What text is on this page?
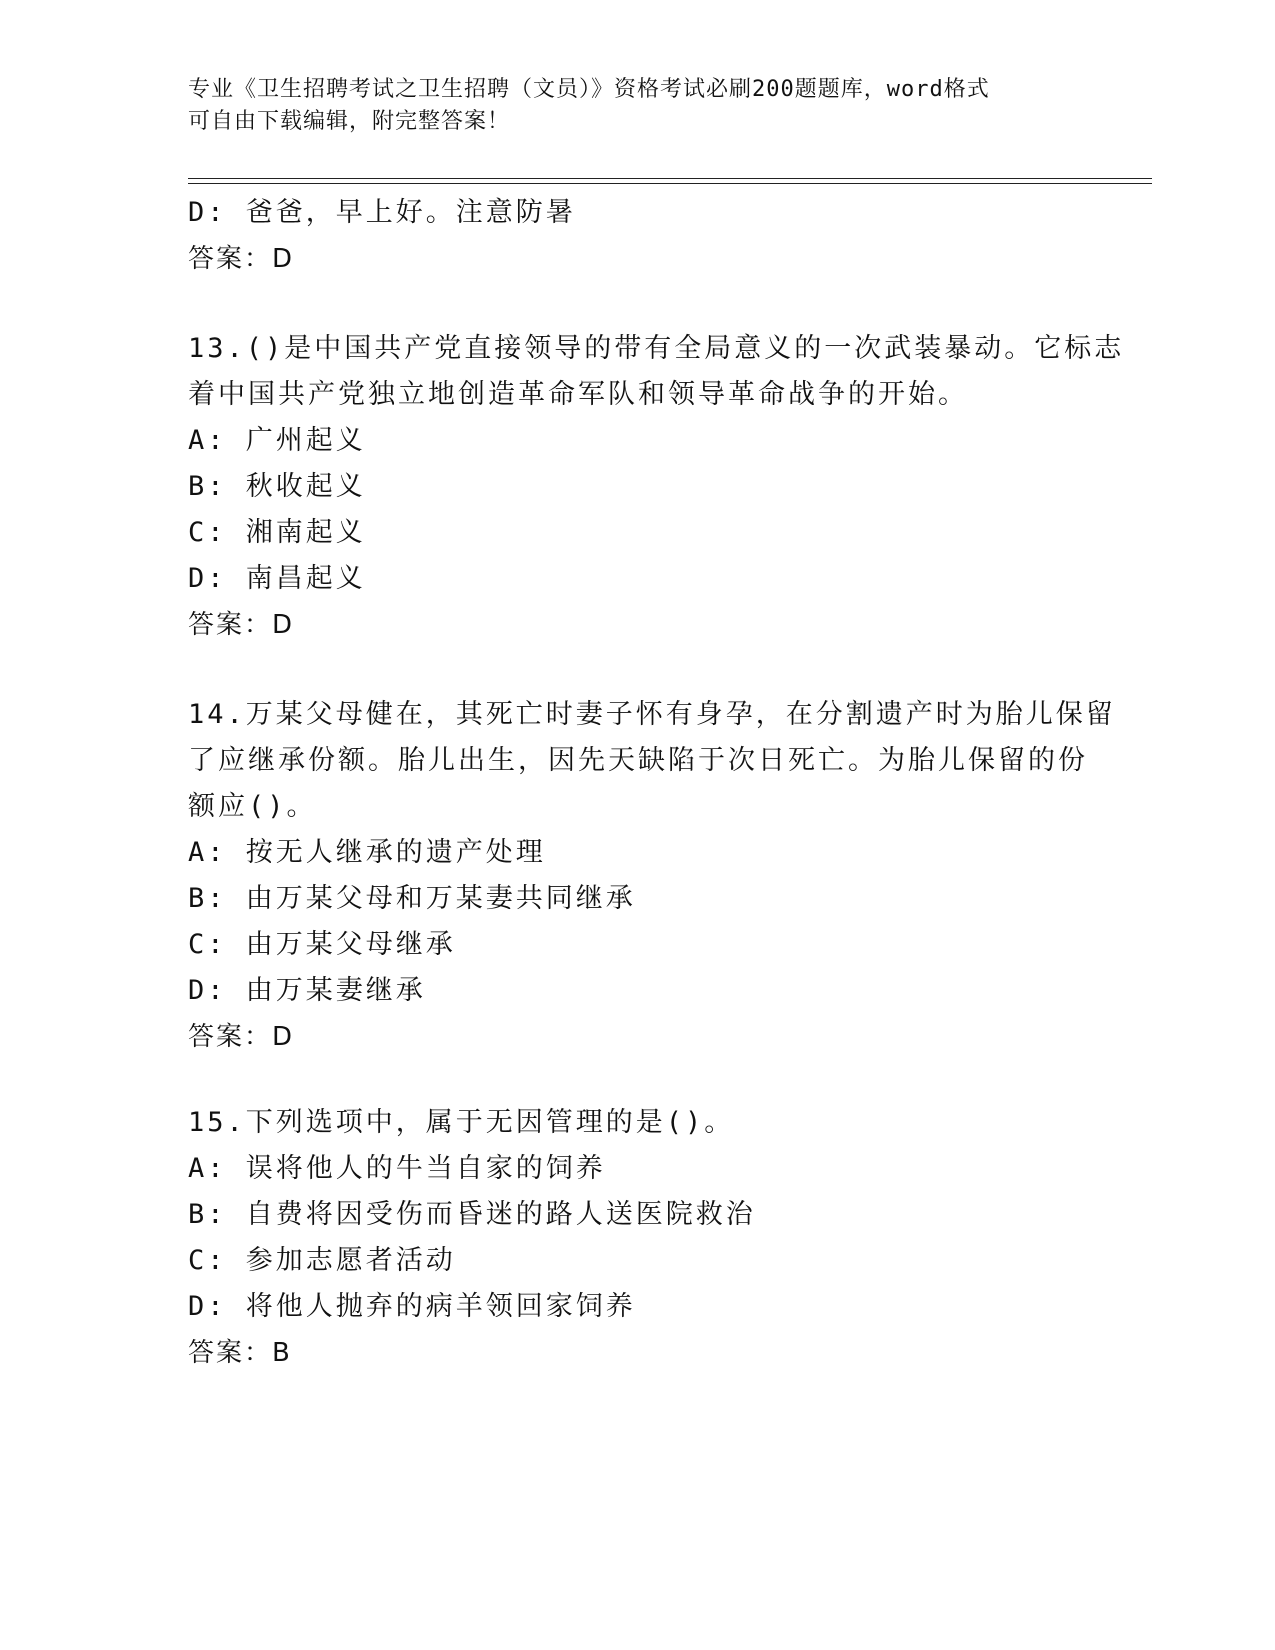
专业《卫生招聘考试之卫生招聘（文员）》资格考试必刷200题题库，word格式

可自由下载编辑，附完整答案！

D: 爸爸，早上好。注意防暑
答案：D
13.()是中国共产党直接领导的带有全局意义的一次武装暴动。它标志
着中国共产党独立地创造革命军队和领导革命战争的开始。
A: 广州起义
B: 秋收起义
C: 湘南起义
D: 南昌起义
答案：D
14.万某父母健在，其死亡时妻子怀有身孕，在分割遗产时为胎儿保留
了应继承份额。胎儿出生，因先天缺陷于次日死亡。为胎儿保留的份
额应()。
A: 按无人继承的遗产处理
B: 由万某父母和万某妻共同继承
C: 由万某父母继承
D: 由万某妻继承
答案：D
15.下列选项中，属于无因管理的是()。
A: 误将他人的牛当自家的饲养
B: 自费将因受伤而昏迷的路人送医院救治
C: 参加志愿者活动
D: 将他人抛弃的病羊领回家饲养
答案：B
